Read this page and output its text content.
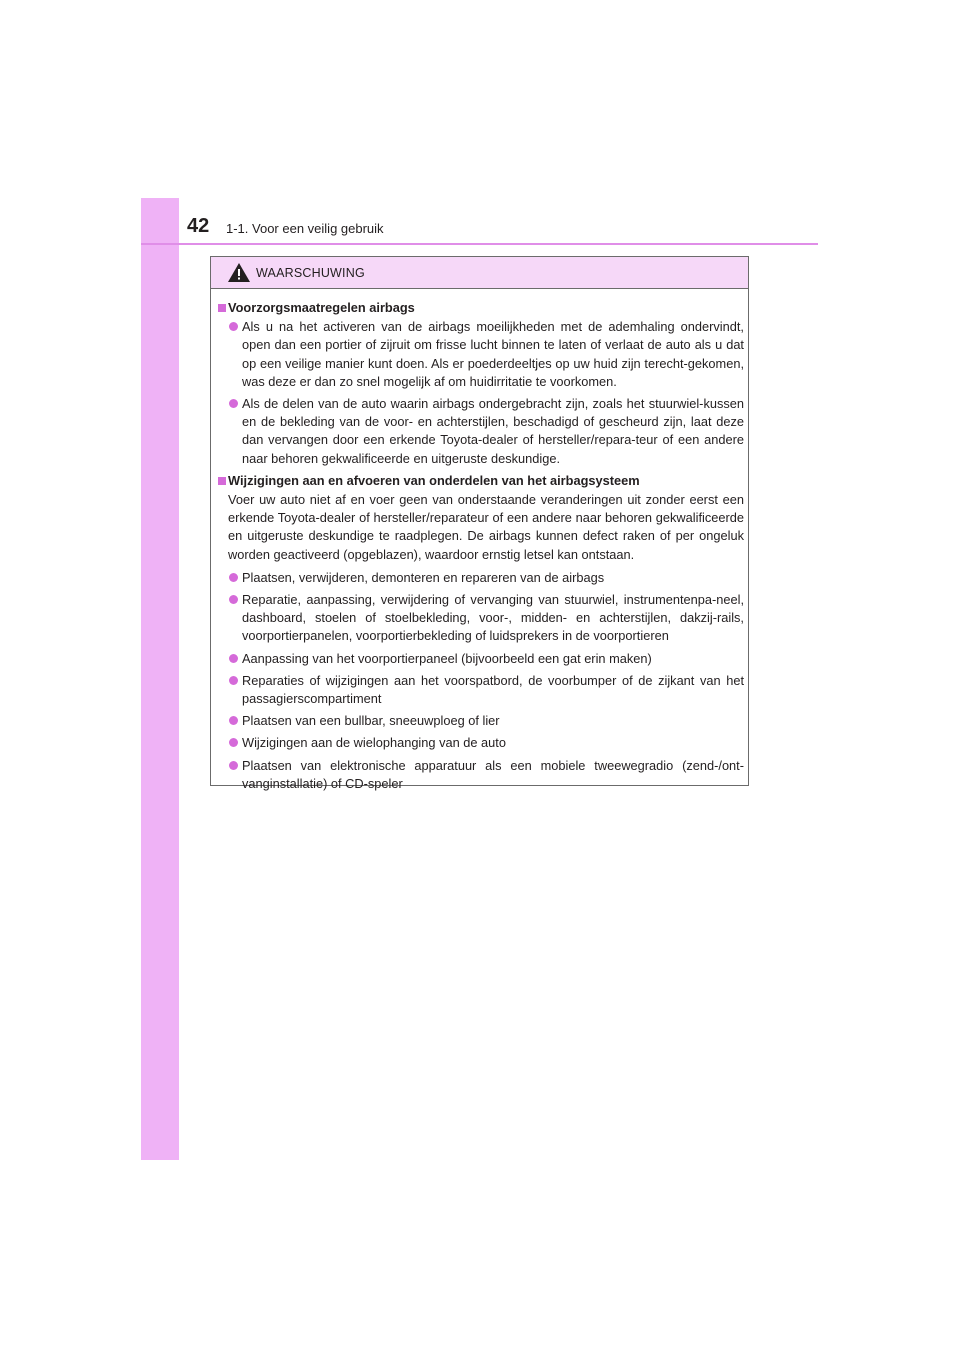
42 1-1. Voor een veilig gebruik
WAARSCHUWING
Voorzorgsmaatregelen airbags
Als u na het activeren van de airbags moeilijkheden met de ademhaling ondervindt, open dan een portier of zijruit om frisse lucht binnen te laten of verlaat de auto als u dat op een veilige manier kunt doen. Als er poederdeeltjes op uw huid zijn terecht-gekomen, was deze er dan zo snel mogelijk af om huidirritatie te voorkomen.
Als de delen van de auto waarin airbags ondergebracht zijn, zoals het stuurwiel-kussen en de bekleding van de voor- en achterstijlen, beschadigd of gescheurd zijn, laat deze dan vervangen door een erkende Toyota-dealer of hersteller/repara-teur of een andere naar behoren gekwalificeerde en uitgeruste deskundige.
Wijzigingen aan en afvoeren van onderdelen van het airbagsysteem
Voer uw auto niet af en voer geen van onderstaande veranderingen uit zonder eerst een erkende Toyota-dealer of hersteller/reparateur of een andere naar behoren gekwalificeerde en uitgeruste deskundige te raadplegen. De airbags kunnen defect raken of per ongeluk worden geactiveerd (opgeblazen), waardoor ernstig letsel kan ontstaan.
Plaatsen, verwijderen, demonteren en repareren van de airbags
Reparatie, aanpassing, verwijdering of vervanging van stuurwiel, instrumentenpa-neel, dashboard, stoelen of stoelbekleding, voor-, midden- en achterstijlen, dakzij-rails, voorportierpanelen, voorportierbekleding of luidsprekers in de voorportieren
Aanpassing van het voorportierpaneel (bijvoorbeeld een gat erin maken)
Reparaties of wijzigingen aan het voorspatbord, de voorbumper of de zijkant van het passagierscompartiment
Plaatsen van een bullbar, sneeuwploeg of lier
Wijzigingen aan de wielophanging van de auto
Plaatsen van elektronische apparatuur als een mobiele tweewegradio (zend-/ont-vanginstallatie) of CD-speler
